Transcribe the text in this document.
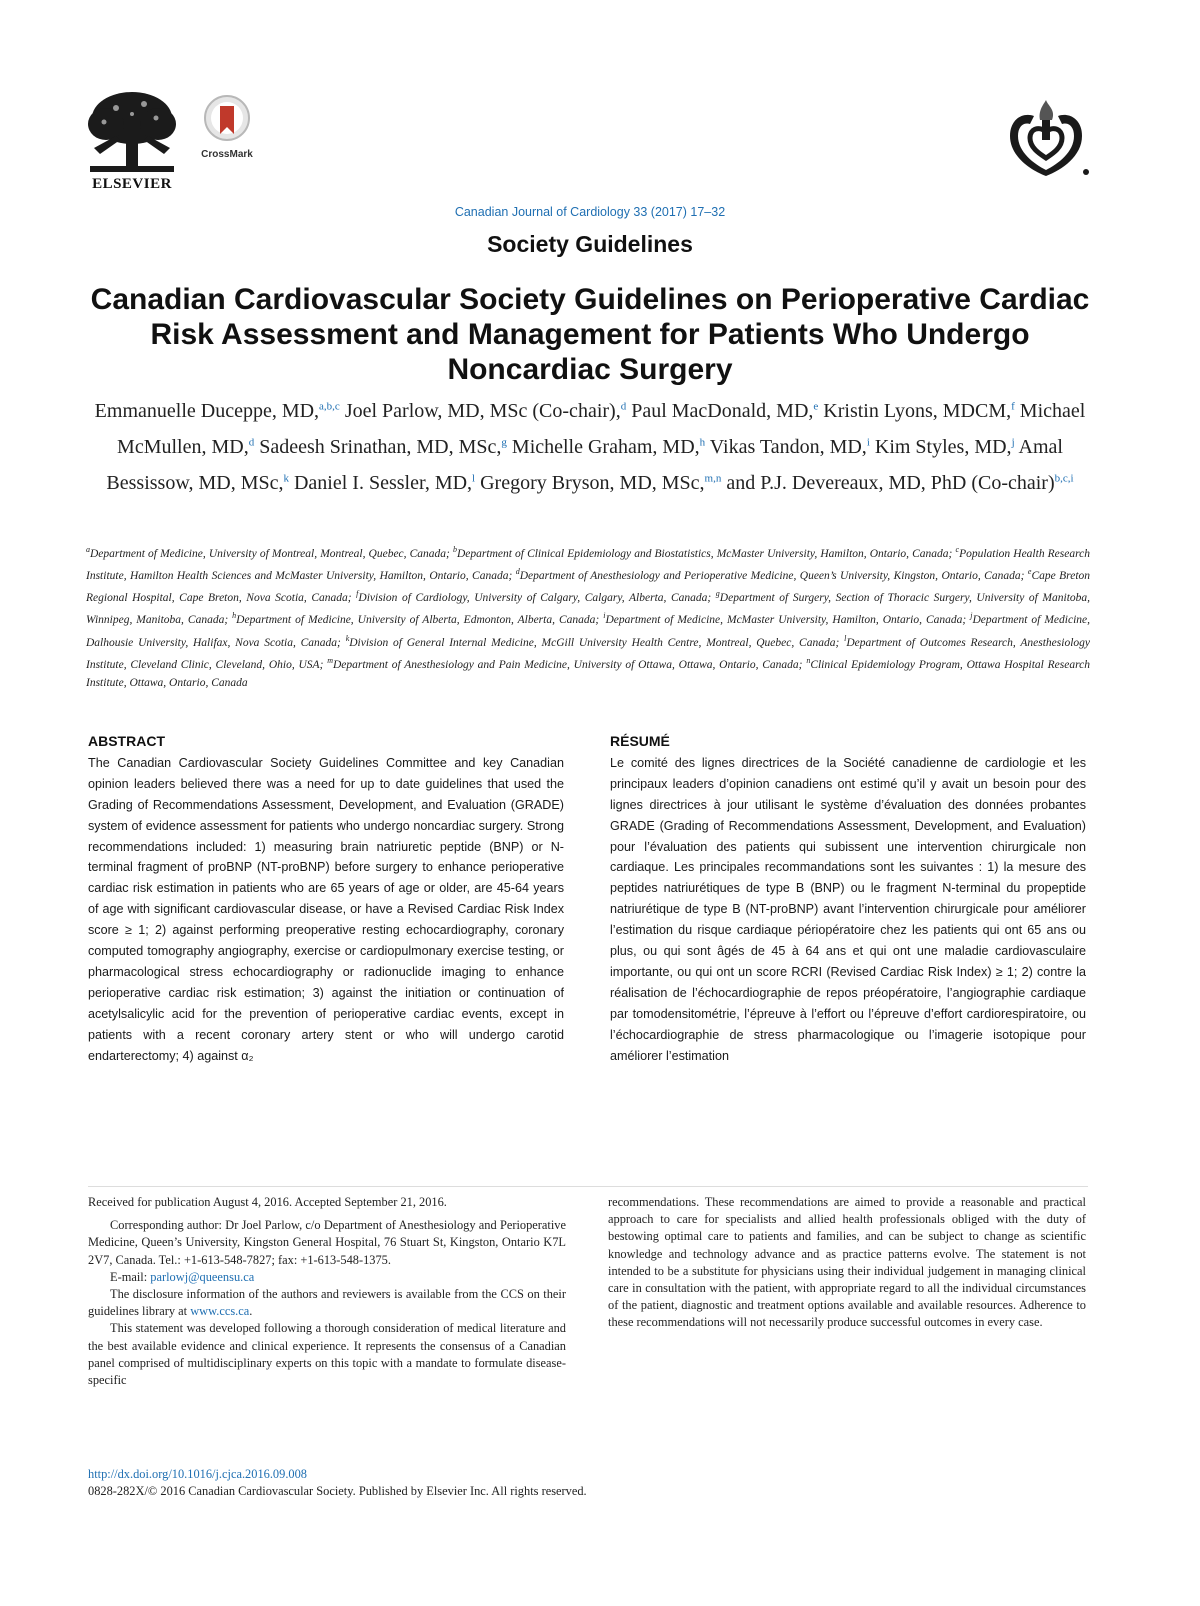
ELSEVIER
CrossMark
Canadian Journal of Cardiology 33 (2017) 17–32
Society Guidelines
Canadian Cardiovascular Society Guidelines on Perioperative Cardiac Risk Assessment and Management for Patients Who Undergo Noncardiac Surgery
Emmanuelle Duceppe, MD,$^{a,b,c}$ Joel Parlow, MD, MSc (Co-chair),$^d$ Paul MacDonald, MD,$^e$ Kristin Lyons, MDCM,$^f$ Michael McMullen, MD,$^d$ Sadeesh Srinathan, MD, MSc,$^g$ Michelle Graham, MD,$^h$ Vikas Tandon, MD,$^i$ Kim Styles, MD,$^j$ Amal Bessissow, MD, MSc,$^k$ Daniel I. Sessler, MD,$^l$ Gregory Bryson, MD, MSc,$^{m,n}$ and P.J. Devereaux, MD, PhD (Co-chair)$^{b,c,i}$
$^a$Department of Medicine, University of Montreal, Montreal, Quebec, Canada; $^b$Department of Clinical Epidemiology and Biostatistics, McMaster University, Hamilton, Ontario, Canada; $^c$Population Health Research Institute, Hamilton Health Sciences and McMaster University, Hamilton, Ontario, Canada; $^d$Department of Anesthesiology and Perioperative Medicine, Queen’s University, Kingston, Ontario, Canada; $^e$Cape Breton Regional Hospital, Cape Breton, Nova Scotia, Canada; $^f$Division of Cardiology, University of Calgary, Calgary, Alberta, Canada; $^g$Department of Surgery, Section of Thoracic Surgery, University of Manitoba, Winnipeg, Manitoba, Canada; $^h$Department of Medicine, University of Alberta, Edmonton, Alberta, Canada; $^i$Department of Medicine, McMaster University, Hamilton, Ontario, Canada; $^j$Department of Medicine, Dalhousie University, Halifax, Nova Scotia, Canada; $^k$Division of General Internal Medicine, McGill University Health Centre, Montreal, Quebec, Canada; $^l$Department of Outcomes Research, Anesthesiology Institute, Cleveland Clinic, Cleveland, Ohio, USA; $^m$Department of Anesthesiology and Pain Medicine, University of Ottawa, Ottawa, Ontario, Canada; $^n$Clinical Epidemiology Program, Ottawa Hospital Research Institute, Ottawa, Ontario, Canada
ABSTRACT
The Canadian Cardiovascular Society Guidelines Committee and key Canadian opinion leaders believed there was a need for up to date guidelines that used the Grading of Recommendations Assessment, Development, and Evaluation (GRADE) system of evidence assessment for patients who undergo noncardiac surgery. Strong recommendations included: 1) measuring brain natriuretic peptide (BNP) or N-terminal fragment of proBNP (NT-proBNP) before surgery to enhance perioperative cardiac risk estimation in patients who are 65 years of age or older, are 45-64 years of age with significant cardiovascular disease, or have a Revised Cardiac Risk Index score ≥ 1; 2) against performing preoperative resting echocardiography, coronary computed tomography angiography, exercise or cardiopulmonary exercise testing, or pharmacological stress echocardiography or radionuclide imaging to enhance perioperative cardiac risk estimation; 3) against the initiation or continuation of acetylsalicylic acid for the prevention of perioperative cardiac events, except in patients with a recent coronary artery stent or who will undergo carotid endarterectomy; 4) against α₂
RÉSUMÉ
Le comité des lignes directrices de la Société canadienne de cardiologie et les principaux leaders d’opinion canadiens ont estimé qu’il y avait un besoin pour des lignes directrices à jour utilisant le système d’évaluation des données probantes GRADE (Grading of Recommendations Assessment, Development, and Evaluation) pour l’évaluation des patients qui subissent une intervention chirurgicale non cardiaque. Les principales recommandations sont les suivantes : 1) la mesure des peptides natriurétiques de type B (BNP) ou le fragment N-terminal du propeptide natriurétique de type B (NT-proBNP) avant l’intervention chirurgicale pour améliorer l’estimation du risque cardiaque périopératoire chez les patients qui ont 65 ans ou plus, ou qui sont âgés de 45 à 64 ans et qui ont une maladie cardiovasculaire importante, ou qui ont un score RCRI (Revised Cardiac Risk Index) ≥ 1; 2) contre la réalisation de l’échocardiographie de repos préopératoire, l’angiographie cardiaque par tomodensitométrie, l’épreuve à l’effort ou l’épreuve d’effort cardiorespiratoire, ou l’échocardiographie de stress pharmacologique ou l’imagerie isotopique pour améliorer l’estimation

Received for publication August 4, 2016. Accepted September 21, 2016.

Corresponding author: Dr Joel Parlow, c/o Department of Anesthesiology and Perioperative Medicine, Queen’s University, Kingston General Hospital, 76 Stuart St, Kingston, Ontario K7L 2V7, Canada. Tel.: +1-613-548-7827; fax: +1-613-548-1375.

E-mail: parlowj@queensu.ca

The disclosure information of the authors and reviewers is available from the CCS on their guidelines library at www.ccs.ca.

This statement was developed following a thorough consideration of medical literature and the best available evidence and clinical experience. It represents the consensus of a Canadian panel comprised of multidisciplinary experts on this topic with a mandate to formulate disease-specific

recommendations. These recommendations are aimed to provide a reasonable and practical approach to care for specialists and allied health professionals obliged with the duty of bestowing optimal care to patients and families, and can be subject to change as scientific knowledge and technology advance and as practice patterns evolve. The statement is not intended to be a substitute for physicians using their individual judgement in managing clinical care in consultation with the patient, with appropriate regard to all the individual circumstances of the patient, diagnostic and treatment options available and available resources. Adherence to these recommendations will not necessarily produce successful outcomes in every case.

http://dx.doi.org/10.1016/j.cjca.2016.09.008
0828-282X/© 2016 Canadian Cardiovascular Society. Published by Elsevier Inc. All rights reserved.
